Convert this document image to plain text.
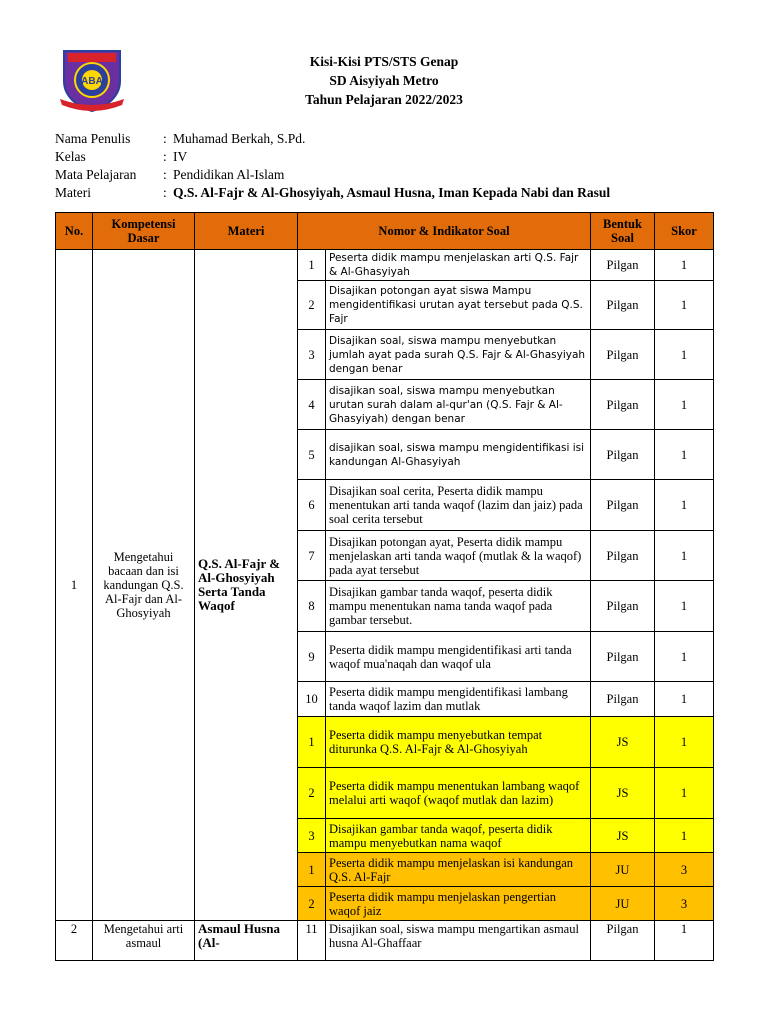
ABA
Kisi-Kisi PTS/STS Genap
SD Aisyiyah Metro
Tahun Pelajaran 2022/2023
Nama Penulis	: Muhamad Berkah, S.Pd.
Kelas	: IV
Mata Pelajaran	: Pendidikan Al-Islam
Materi	: Q.S. Al-Fajr & Al-Ghosyiyah, Asmaul Husna, Iman Kepada Nabi dan Rasul
No.	Kompetensi Dasar	Materi	Nomor & Indikator Soal		Bentuk Soal	Skor
1	Mengetahui bacaan dan isi kandungan Q.S. Al-Fajr dan Al-Ghosyiyah	Q.S. Al-Fajr & Al-Ghosyiyah Serta Tanda Waqof	1	Peserta didik mampu menjelaskan arti Q.S. Fajr & Al-Ghasyiyah	Pilgan	1
			2	Disajikan potongan ayat siswa Mampu mengidentifikasi urutan ayat tersebut pada Q.S. Fajr	Pilgan	1
			3	Disajikan soal, siswa mampu menyebutkan jumlah ayat pada surah Q.S. Fajr & Al-Ghasyiyah dengan benar	Pilgan	1
			4	disajikan soal, siswa mampu menyebutkan urutan surah dalam al-qur'an (Q.S. Fajr & Al-Ghasyiyah) dengan benar	Pilgan	1
			5	disajikan soal, siswa mampu mengidentifikasi isi kandungan Al-Ghasyiyah	Pilgan	1
			6	Disajikan soal cerita, Peserta didik mampu menentukan arti tanda waqof (lazim dan jaiz) pada soal cerita tersebut	Pilgan	1
			7	Disajikan potongan ayat, Peserta didik mampu menjelaskan arti tanda waqof (mutlak & la waqof) pada ayat tersebut	Pilgan	1
			8	Disajikan gambar tanda waqof, peserta didik mampu menentukan nama tanda waqof pada gambar tersebut.	Pilgan	1
			9	Peserta didik mampu mengidentifikasi arti tanda waqof mua'naqah dan waqof ula	Pilgan	1
			10	Peserta didik mampu mengidentifikasi lambang tanda waqof lazim dan mutlak	Pilgan	1
			1	Peserta didik mampu menyebutkan tempat diturunka Q.S. Al-Fajr & Al-Ghosyiyah	JS	1
			2	Peserta didik mampu menentukan lambang waqof melalui arti waqof (waqof mutlak dan lazim)	JS	1
			3	Disajikan gambar tanda waqof, peserta didik mampu menyebutkan nama waqof	JS	1
			1	Peserta didik mampu menjelaskan isi kandungan Q.S. Al-Fajr	JU	3
			2	Peserta didik mampu menjelaskan pengertian waqof jaiz	JU	3
2	Mengetahui arti asmaul	Asmaul Husna (Al-	11	Disajikan soal, siswa mampu mengartikan asmaul husna Al-Ghaffaar	Pilgan	1
